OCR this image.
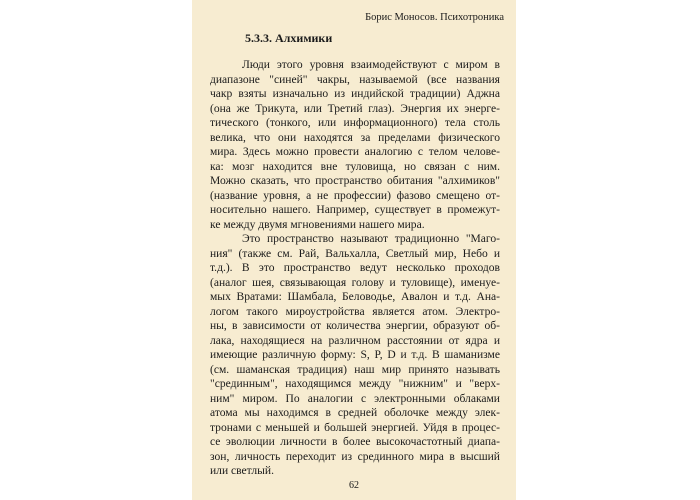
Борис Моносов. Психотроника
5.3.3. Алхимики
Люди этого уровня взаимодействуют с миром в
диапазоне "синей" чакры, называемой (все названия
чакр взяты изначально из индийской традиции) Аджна
(она же Трикута, или Третий глаз). Энергия их энерге-
тического (тонкого, или информационного) тела столь
велика, что они находятся за пределами физического
мира. Здесь можно провести аналогию с телом челове-
ка: мозг находится вне туловища, но связан с ним.
Можно сказать, что пространство обитания "алхимиков"
(название уровня, а не профессии) фазово смещено от-
носительно нашего. Например, существует в промежут-
ке между двумя мгновениями нашего мира.
Это пространство называют традиционно "Маго-
ния" (также см. Рай, Вальхалла, Светлый мир, Небо и
т.д.). В это пространство ведут несколько проходов
(аналог шея, связывающая голову и туловище), именуе-
мых Вратами: Шамбала, Беловодье, Авалон и т.д. Ана-
логом такого мироустройства является атом. Электро-
ны, в зависимости от количества энергии, образуют об-
лака, находящиеся на различном расстоянии от ядра и
имеющие различную форму: S, P, D и т.д. В шаманизме
(см. шаманская традиция) наш мир принято называть
"срединным", находящимся между "нижним" и "верх-
ним" миром. По аналогии с электронными облаками
атома мы находимся в средней оболочке между элек-
тронами с меньшей и большей энергией. Уйдя в процес-
се эволюции личности в более высокочастотный диапа-
зон, личность переходит из срединного мира в высший
или светлый.
62
